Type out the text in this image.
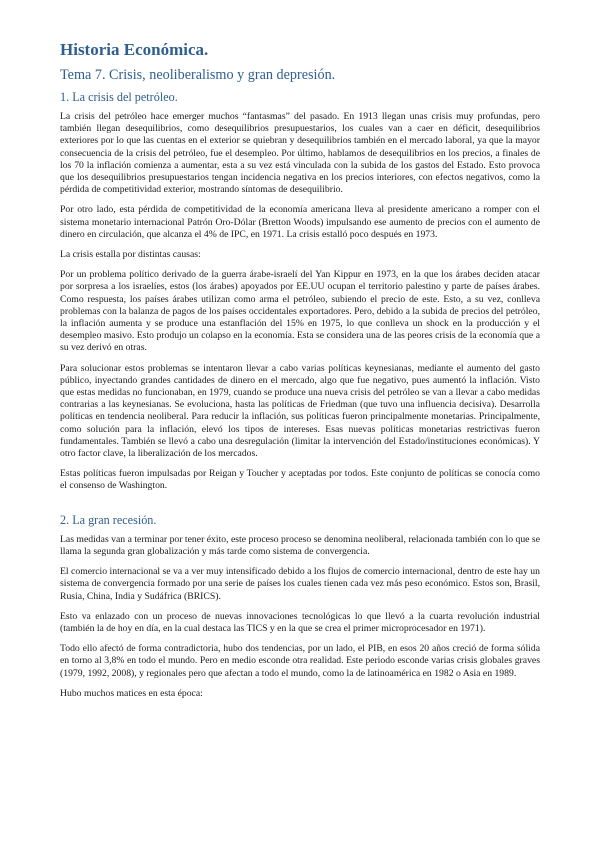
Historia Económica.
Tema 7. Crisis, neoliberalismo y gran depresión.
1. La crisis del petróleo.

La crisis del petróleo hace emerger muchos “fantasmas” del pasado. En 1913 llegan unas crisis muy profundas, pero también llegan desequilibrios, como desequilibrios presupuestarios, los cuales van a caer en déficit, desequilibrios exteriores por lo que las cuentas en el exterior se quiebran y desequilibrios también en el mercado laboral, ya que la mayor consecuencia de la crisis del petróleo, fue el desempleo. Por último, hablamos de desequilibrios en los precios, a finales de los 70 la inflación comienza a aumentar, esta a su vez está vinculada con la subida de los gastos del Estado. Esto provoca que los desequilibrios presupuestarios tengan incidencia negativa en los precios interiores, con efectos negativos, como la pérdida de competitividad exterior, mostrando síntomas de desequilibrio.

Por otro lado, esta pérdida de competitividad de la economía americana lleva al presidente americano a romper con el sistema monetario internacional Patrón Oro-Dólar (Bretton Woods) impulsando ese aumento de precios con el aumento de dinero en circulación, que alcanza el 4% de IPC, en 1971. La crisis estalló poco después en 1973.

La crisis estalla por distintas causas:

Por un problema político derivado de la guerra árabe-israelí del Yan Kippur en 1973, en la que los árabes deciden atacar por sorpresa a los israelíes, estos (los árabes) apoyados por EE.UU ocupan el territorio palestino y parte de países árabes. Como respuesta, los países árabes utilizan como arma el petróleo, subiendo el precio de este. Esto, a su vez, conlleva problemas con la balanza de pagos de los países occidentales exportadores. Pero, debido a la subida de precios del petróleo, la inflación aumenta y se produce una estanflación del 15% en 1975, lo que conlleva un shock en la producción y el desempleo masivo. Esto produjo un colapso en la economía. Esta se considera una de las peores crisis de la economía que a su vez derivó en otras.

Para solucionar estos problemas se intentaron llevar a cabo varias políticas keynesianas, mediante el aumento del gasto público, inyectando grandes cantidades de dinero en el mercado, algo que fue negativo, pues aumentó la inflación. Visto que estas medidas no funcionaban, en 1979, cuando se produce una nueva crisis del petróleo se van a llevar a cabo medidas contrarias a las keynesianas. Se evoluciona, hasta las políticas de Friedman (que tuvo una influencia decisiva). Desarrolla políticas en tendencia neoliberal. Para reducir la inflación, sus políticas fueron principalmente monetarias. Principalmente, como solución para la inflación, elevó los tipos de intereses. Esas nuevas políticas monetarias restrictivas fueron fundamentales. También se llevó a cabo una desregulación (limitar la intervención del Estado/instituciones económicas). Y otro factor clave, la liberalización de los mercados.

Estas políticas fueron impulsadas por Reigan y Toucher y aceptadas por todos. Este conjunto de políticas se conocía como el consenso de Washington.

2. La gran recesión.

Las medidas van a terminar por tener éxito, este proceso proceso se denomina neoliberal, relacionada también con lo que se llama la segunda gran globalización y más tarde como sistema de convergencia.

El comercio internacional se va a ver muy intensificado debido a los flujos de comercio internacional, dentro de este hay un sistema de convergencia formado por una serie de países los cuales tienen cada vez más peso económico. Estos son, Brasil, Rusia, China, India y Sudáfrica (BRICS).

Esto va enlazado con un proceso de nuevas innovaciones tecnológicas lo que llevó a la cuarta revolución industrial (también la de hoy en día, en la cual destaca las TICS y en la que se crea el primer microprocesador en 1971).

Todo ello afectó de forma contradictoria, hubo dos tendencias, por un lado, el PIB, en esos 20 años creció de forma sólida en torno al 3,8% en todo el mundo. Pero en medio esconde otra realidad. Este periodo esconde varias crisis globales graves (1979, 1992, 2008), y regionales pero que afectan a todo el mundo, como la de latinoamérica en 1982 o Asia en 1989.

Hubo muchos matices en esta época:
